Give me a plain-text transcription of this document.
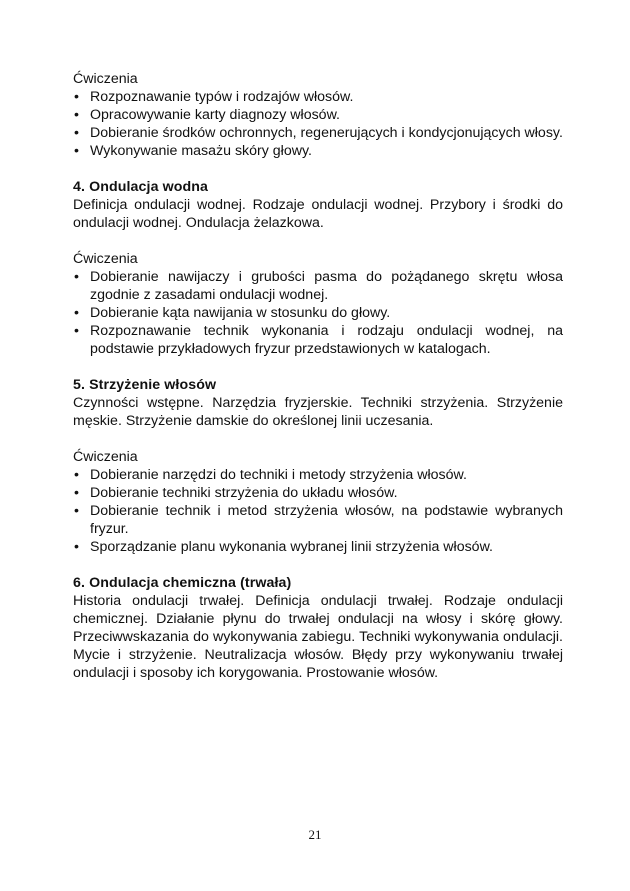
Ćwiczenia

• Rozpoznawanie typów i rodzajów włosów.
• Opracowywanie karty diagnozy włosów.
• Dobieranie środków ochronnych, regenerujących i kondycjonujących włosy.
• Wykonywanie masażu skóry głowy.

4. Ondulacja wodna

Definicja ondulacji wodnej. Rodzaje ondulacji wodnej. Przybory i środki do ondulacji wodnej. Ondulacja żelazkowa.

Ćwiczenia

• Dobieranie nawijaczy i grubości pasma do pożądanego skrętu włosa zgodnie z zasadami ondulacji wodnej.
• Dobieranie kąta nawijania w stosunku do głowy.
• Rozpoznawanie technik wykonania i rodzaju ondulacji wodnej, na podstawie przykładowych fryzur przedstawionych w katalogach.

5. Strzyżenie włosów

Czynności wstępne. Narzędzia fryzjerskie. Techniki strzyżenia. Strzyżenie męskie. Strzyżenie damskie do określonej linii uczesania.

Ćwiczenia

• Dobieranie narzędzi do techniki i metody strzyżenia włosów.
• Dobieranie techniki strzyżenia do układu włosów.
• Dobieranie technik i metod strzyżenia włosów, na podstawie wybranych fryzur.
• Sporządzanie planu wykonania wybranej linii strzyżenia włosów.

6. Ondulacja chemiczna (trwała)

Historia ondulacji trwałej. Definicja ondulacji trwałej. Rodzaje ondulacji chemicznej. Działanie płynu do trwałej ondulacji na włosy i skórę głowy. Przeciwwskazania do wykonywania zabiegu. Techniki wykonywania ondulacji. Mycie i strzyżenie. Neutralizacja włosów. Błędy przy wykonywaniu trwałej ondulacji i sposoby ich korygowania. Prostowanie włosów.

21
